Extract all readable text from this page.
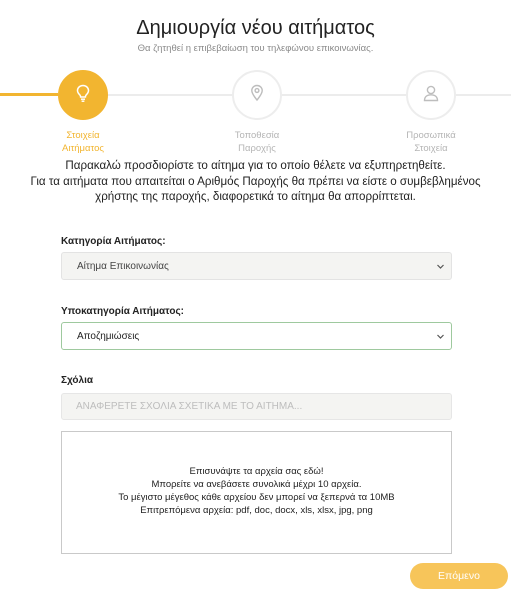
Δημιουργία νέου αιτήματος
Θα ζητηθεί η επιβεβαίωση του τηλεφώνου επικοινωνίας.
Στοιχεία
Αιτήματος
Τοποθεσία
Παροχής
Προσωπικά
Στοιχεία
Παρακαλώ προσδιορίστε το αίτημα για το οποίο θέλετε να εξυπηρετηθείτε.
Για τα αιτήματα που απαιτείται ο Αριθμός Παροχής θα πρέπει να είστε ο συμβεβλημένος
χρήστης της παροχής, διαφορετικά το αίτημα θα απορρίπτεται.
Κατηγορία Αιτήματος:
Αίτημα Επικοινωνίας
Υποκατηγορία Αιτήματος:
Αποζημιώσεις
Σχόλια
ΑΝΑΦΕΡΕΤΕ ΣΧΟΛΙΑ ΣΧΕΤΙΚΑ ΜΕ ΤΟ ΑΙΤΗΜΑ...
Επισυνάψτε τα αρχεία σας εδώ!
Μπορείτε να ανεβάσετε συνολικά μέχρι 10 αρχεία.
Το μέγιστο μέγεθος κάθε αρχείου δεν μπορεί να ξεπερνά τα 10MB
Επιτρεπόμενα αρχεία: pdf, doc, docx, xls, xlsx, jpg, png
Επόμενο
